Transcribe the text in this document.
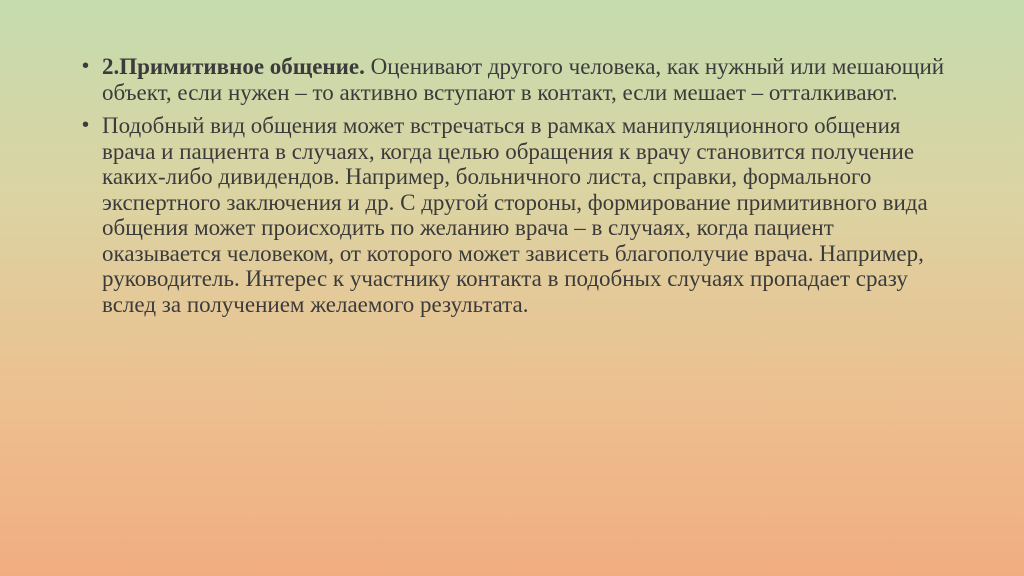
• 2.Примитивное общение. Оценивают другого человека, как нужный или мешающий объект, если нужен – то активно вступают в контакт, если мешает – отталкивают.
• Подобный вид общения может встречаться в рамках манипуляционного общения врача и пациента в случаях, когда целью обращения к врачу становится получение каких-либо дивидендов. Например, больничного листа, справки, формального экспертного заключения и др. С другой стороны, формирование примитивного вида общения может происходить по желанию врача – в случаях, когда пациент оказывается человеком, от которого может зависеть благополучие врача. Например, руководитель. Интерес к участнику контакта в подобных случаях пропадает сразу вслед за получением желаемого результата.
